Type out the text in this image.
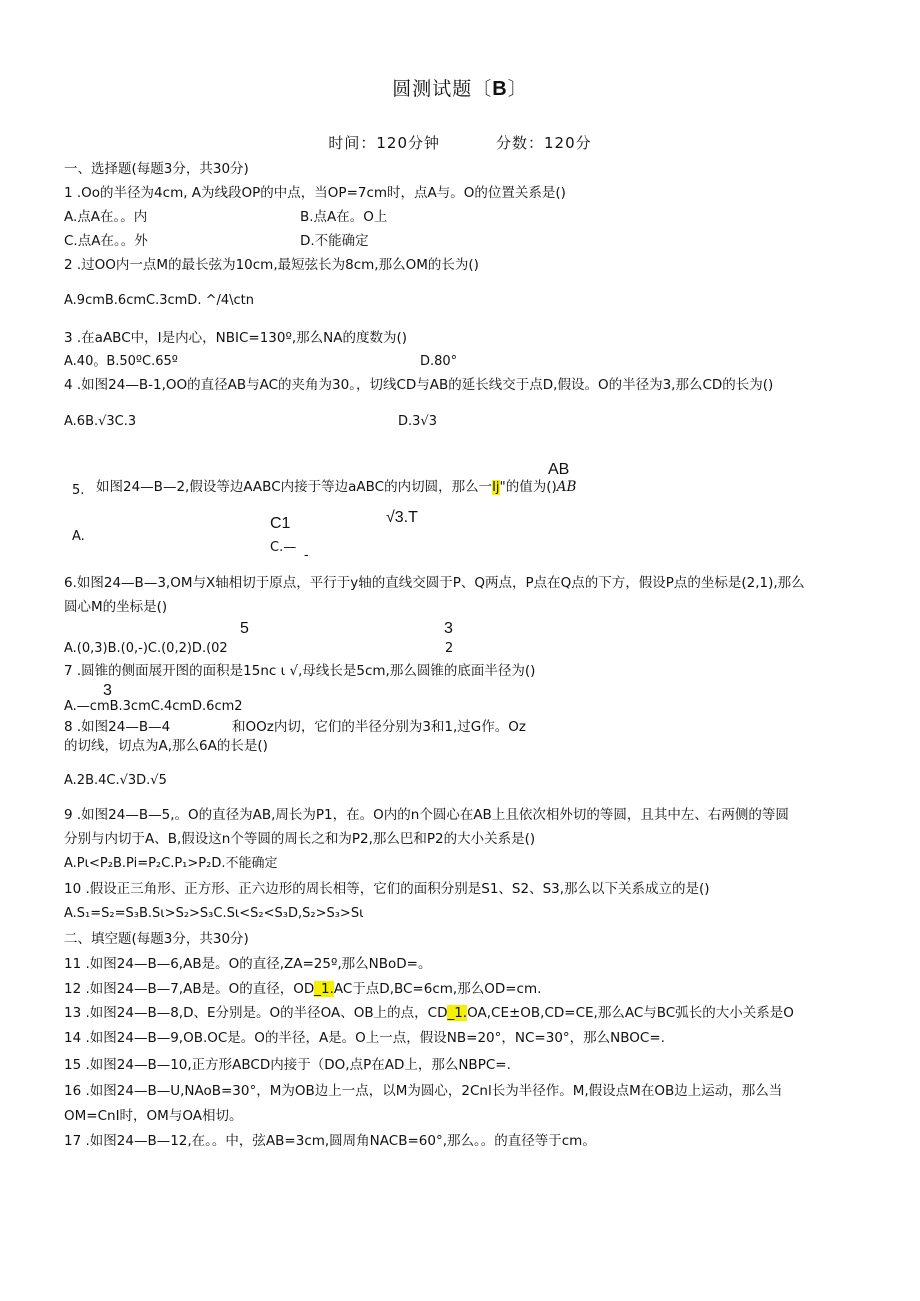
圆测试题〔B〕
时间：120分钟	分数：120分
一、选择题(每题3分，共30分)
1 .Oo的半径为4cm, A为线段OP的中点，当OP=7cm时，点A与。O的位置关系是()
A.点A在。。内	B.点A在。O上
C.点A在。。外	D.不能确定
2 .过OO内一点M的最长弦为10cm,最短弦长为8cm,那么OM的长为()
A.9cmB.6cmC.3cmD. ^/4\ctn
3 .在aABC中，I是内心，NBIC=130º,那么NA的度数为()
A.40。B.50ºC.65º	D.80°
4 .如图24—B-1,OO的直径AB与AC的夹角为30。，切线CD与AB的延长线交于点D,假设。O的半径为3,那么CD的长为()
A.6B.√3C.3	D.3√3
AB
5. 如图24—B—2,假设等边AABC内接于等边aABC的内切圆，那么一Ij"的值为()AB
C1	√3.T
A.
C.—
-
6.如图24—B—3,OM与X轴相切于原点，平行于y轴的直线交圆于P、Q两点，P点在Q点的下方，假设P点的坐标是(2,1),那么
圆心M的坐标是()
5	3
A.(0,3)B.(0,-)C.(0,2)D.(02	2
7 .圆锥的侧面展开图的面积是15nc ι √,母线长是5cm,那么圆锥的底面半径为()
3
A.—cmB.3cmC.4cmD.6cm2
8 .如图24—B—4	和OOz内切，它们的半径分别为3和1,过G作。Oz
的切线，切点为A,那么6A的长是()
A.2B.4C.√3D.√5
9 .如图24—B—5,。O的直径为AB,周长为P1，在。O内的n个圆心在AB上且依次相外切的等圆，且其中左、右两侧的等圆
分别与内切于A、B,假设这n个等圆的周长之和为P2,那么巴和P2的大小关系是()
A.Pι<P₂B.Pi=P₂C.P₁>P₂D.不能确定
10 .假设正三角形、正方形、正六边形的周长相等，它们的面积分别是S1、S2、S3,那么以下关系成立的是()
A.S₁=S₂=S₃B.Sι>S₂>S₃C.Sι<S₂<S₃D,S₂>S₃>Sι
二、填空题(每题3分，共30分)
11 .如图24—B—6,AB是。O的直径,ZA=25º,那么NBoD=。
12 .如图24—B—7,AB是。O的直径，OD_1.AC于点D,BC=6cm,那么OD=cm.
13 .如图24—B—8,D、E分别是。O的半径OA、OB上的点，CD_1.OA,CE±OB,CD=CE,那么AC与BC弧长的大小关系是O
14 .如图24—B—9,OB.OC是。O的半径，A是。O上一点，假设NB=20°，NC=30°，那么NBOC=.
15 .如图24—B—10,正方形ABCD内接于（DO,点P在AD上，那么NBPC=.
16 .如图24—B—U,NAoB=30°，M为OB边上一点，以M为圆心，2Cnl长为半径作。M,假设点M在OB边上运动，那么当
OM=CnI时，OM与OA相切。
17 .如图24—B—12,在。。中，弦AB=3cm,圆周角NACB=60°,那么。。的直径等于cm。
